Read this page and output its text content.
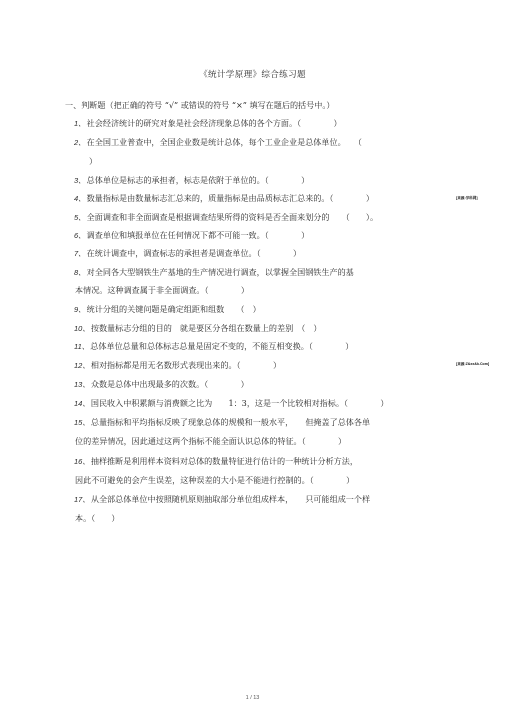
《统计学原理》综合练习题
一、判断题（把正确的符号 “√” 或错误的符号 “×” 填写在题后的括号中。）
1、社会经济统计的研究对象是社会经济现象总体的各个方面。（　　　　）
2、在全国工业普查中，全国企业数是统计总体，每个工业企业是总体单位。　　（
）
3、总体单位是标志的承担者，标志是依附于单位的。（　　　　）
4、数量指标是由数量标志汇总来的，质量指标是由品质标志汇总来的。（　　　　）
5、全面调查和非全面调查是根据调查结果所得的资料是否全面来划分的　　（　　）。
6、调查单位和填报单位在任何情况下都不可能一致。（　　　　）
7、在统计调查中，调查标志的承担者是调查单位。（　　　　）
8、对全同各大型钢铁生产基地的生产情况进行调查，以掌握全国钢铁生产的基
本情况。这种调查属于非全面调查。（　　　　）
9、统计分组的关键问题是确定组距和组数　　（　）
10、按数量标志分组的目的　就是要区分各组在数量上的差别　（　）
11、总体单位总量和总体标志总量是固定不变的，不能互相变换。（　　　　）
12、相对指标都是用无名数形式表现出来的。（　　　　）
13、众数是总体中出现最多的次数。（　　　　）
14、国民收入中积累额与消费额之比为　　1：3，这是一个比较相对指标。（　　　　）
15、总量指标和平均指标反映了现象总体的规模和一般水平，　　但掩盖了总体各单
位的差异情况，因此通过这两个指标不能全面认识总体的特征。（　　　　）
16、抽样推断是利用样本资料对总体的数量特征进行估计的一种统计分析方法，
因此不可避免的会产生误差，这种误差的大小是不能进行控制的。（　　　　）
17、从全部总体单位中按照随机原则抽取部分单位组成样本，　　只可能组成一个样
本。（　　）
[来源:学科网]
[来源:Z&xx&k.Com]
1 / 13
